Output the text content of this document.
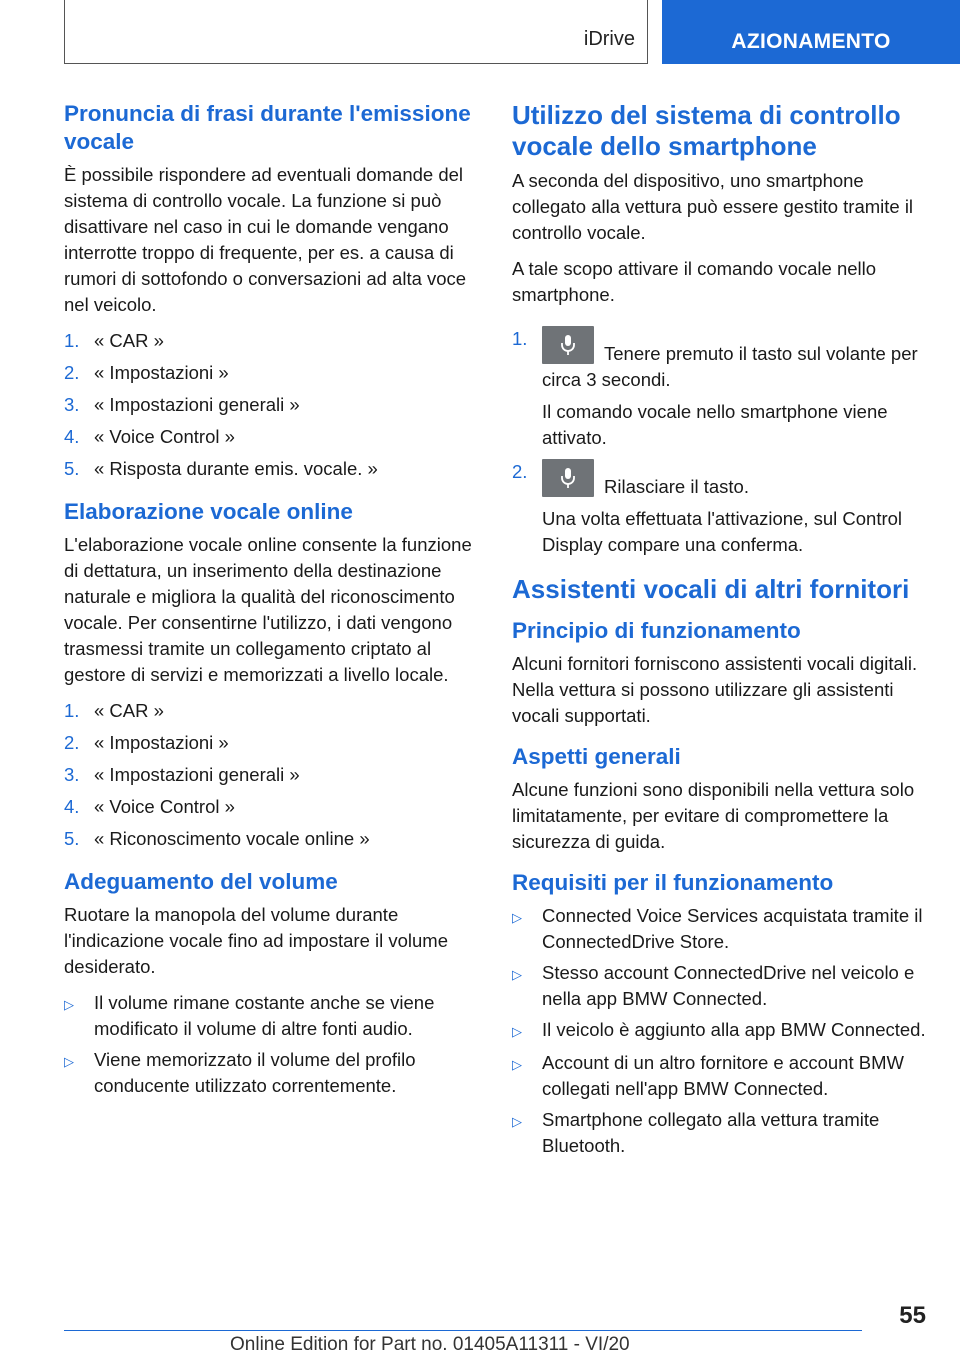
iDrive	AZIONAMENTO
Pronuncia di frasi durante l'emissione vocale

È possibile rispondere ad eventuali domande del sistema di controllo vocale. La funzione si può disattivare nel caso in cui le domande vengano interrotte troppo di frequente, per es. a causa di rumori di sottofondo o conversazioni ad alta voce nel veicolo.

1. « CAR »
2. « Impostazioni »
3. « Impostazioni generali »
4. « Voice Control »
5. « Risposta durante emis. vocale. »
Elaborazione vocale online

L'elaborazione vocale online consente la funzione di dettatura, un inserimento della destinazione naturale e migliora la qualità del riconoscimento vocale. Per consentirne l'utilizzo, i dati vengono trasmessi tramite un collegamento criptato al gestore di servizi e memorizzati a livello locale.

1. « CAR »
2. « Impostazioni »
3. « Impostazioni generali »
4. « Voice Control »
5. « Riconoscimento vocale online »
Adeguamento del volume

Ruotare la manopola del volume durante l'indicazione vocale fino ad impostare il volume desiderato.

▷	Il volume rimane costante anche se viene modificato il volume di altre fonti audio.
▷	Viene memorizzato il volume del profilo conducente utilizzato correntemente.
Utilizzo del sistema di controllo vocale dello smartphone

A seconda del dispositivo, uno smartphone collegato alla vettura può essere gestito tramite il controllo vocale.

A tale scopo attivare il comando vocale nello smartphone.

1.
Tenere premuto il tasto sul volante per circa 3 secondi.
Il comando vocale nello smartphone viene attivato.
2.
Rilasciare il tasto.
Una volta effettuata l'attivazione, sul Control Display compare una conferma.
Assistenti vocali di altri fornitori
Principio di funzionamento

Alcuni fornitori forniscono assistenti vocali digitali. Nella vettura si possono utilizzare gli assistenti vocali supportati.

Aspetti generali

Alcune funzioni sono disponibili nella vettura solo limitatamente, per evitare di compromettere la sicurezza di guida.

Requisiti per il funzionamento
▷	Connected Voice Services acquistata tramite il ConnectedDrive Store.
▷	Stesso account ConnectedDrive nel veicolo e nella app BMW Connected.
▷	Il veicolo è aggiunto alla app BMW Connected.
▷	Account di un altro fornitore e account BMW collegati nell'app BMW Connected.
▷	Smartphone collegato alla vettura tramite Bluetooth.
55
Online Edition for Part no. 01405A11311 - VI/20
